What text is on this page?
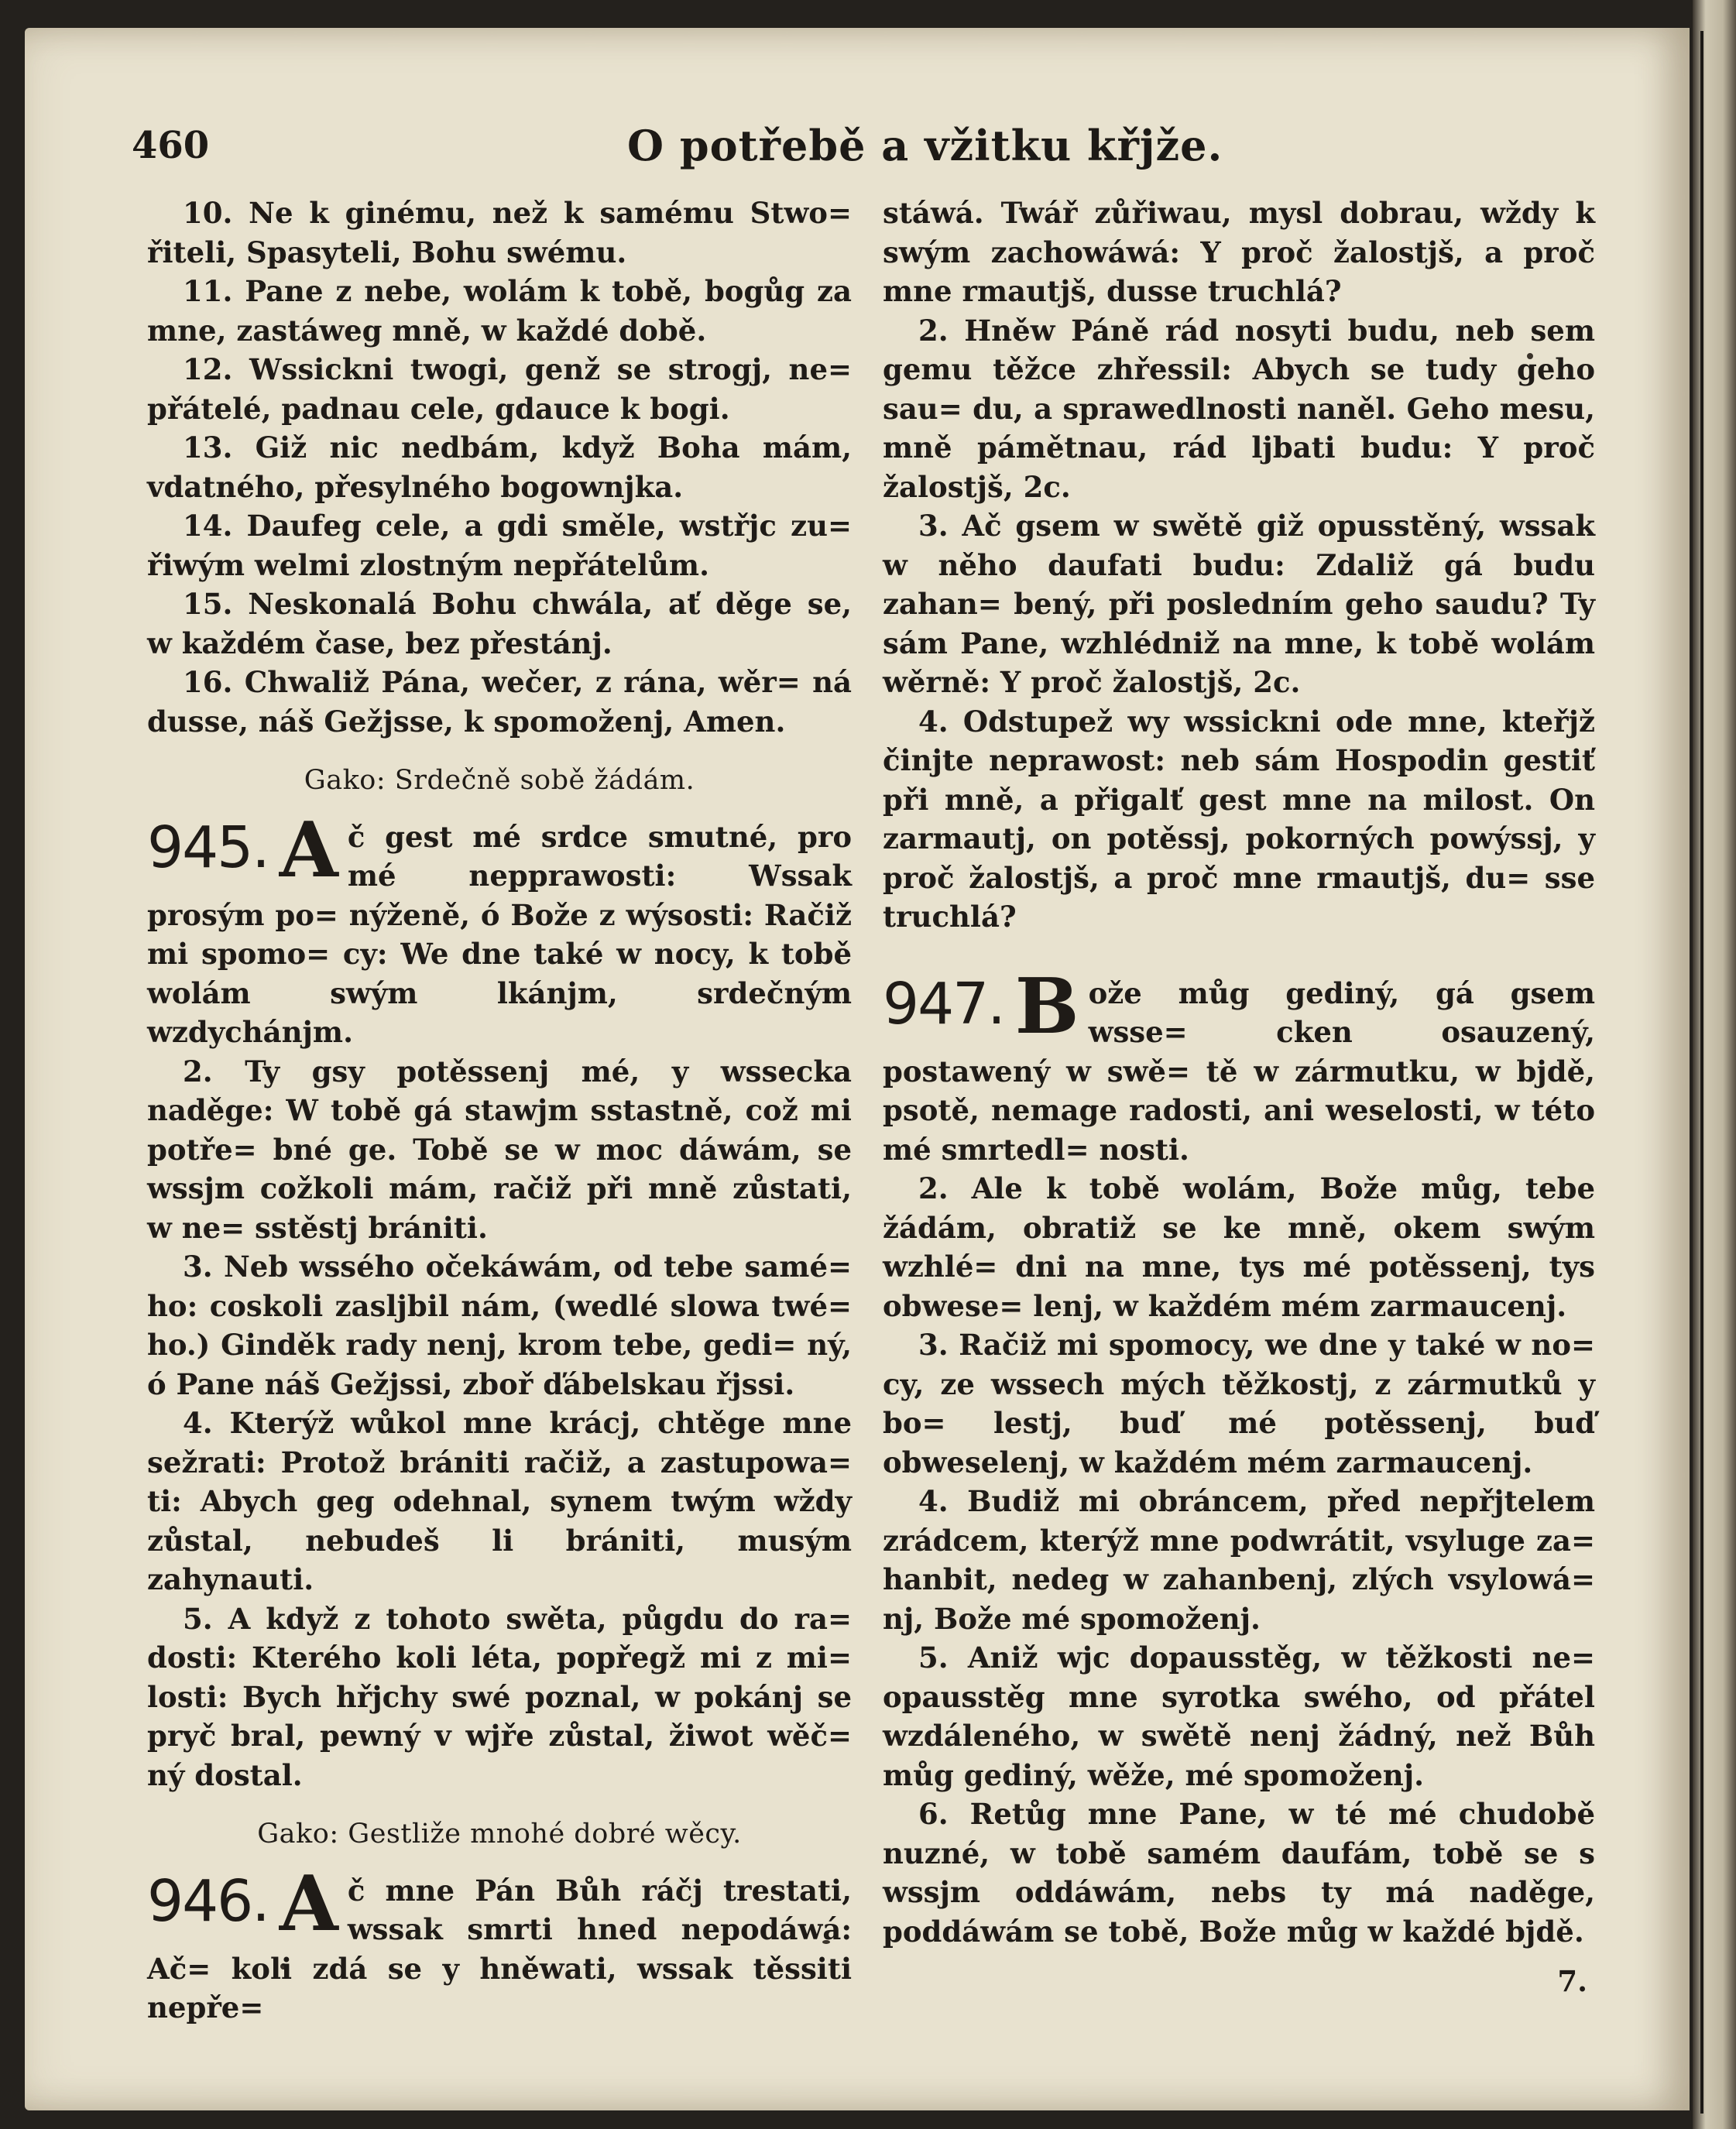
460	O potřebě a vžitku křjže.

10. Ne k ginému, než k samému Stwo= řiteli, Spasyteli, Bohu swému.

11. Pane z nebe, wolám k tobě, bogůg za mne, zastáweg mně, w každé době.

12. Wssickni twogi, genž se strogj, ne= přátelé, padnau cele, gdauce k bogi.

13. Giž nic nedbám, když Boha mám, vdatného, přesylného bogownjka.

14. Daufeg cele, a gdi směle, wstřjc zu= řiwým welmi zlostným nepřátelům.

15. Neskonalá Bohu chwála, ať děge se, w každém čase, bez přestánj.

16. Chwaliž Pána, wečer, z rána, wěr= ná dusse, náš Gežjsse, k spomoženj, Amen.

Gako: Srdečně sobě žádám.
945. A č gest mé srdce smutné, pro mé nepprawosti: Wssak prosým po= nýženě, ó Bože z wýsosti: Račiž mi spomo= cy: We dne také w nocy, k tobě wolám swým lkánjm, srdečným wzdychánjm.

2. Ty gsy potěssenj mé, y wssecka naděge: W tobě gá stawjm sstastně, což mi potře= bné ge. Tobě se w moc dáwám, se wssjm cožkoli mám, račiž při mně zůstati, w ne= sstěstj brániti.

3. Neb wssého očekáwám, od tebe samé= ho: coskoli zasljbil nám, (wedlé slowa twé= ho.) Ginděk rady nenj, krom tebe, gedi= ný, ó Pane náš Gežjssi, zboř ďábelskau řjssi.

4. Kterýž wůkol mne krácj, chtěge mne sežrati: Protož brániti račiž, a zastupowa= ti: Abych geg odehnal, synem twým wždy zůstal, nebudeš li brániti, musým zahynauti.

5. A když z tohoto swěta, půgdu do ra= dosti: Kterého koli léta, popřegž mi z mi= losti: Bych hřjchy swé poznal, w pokánj se pryč bral, pewný v wjře zůstal, žiwot wěč= ný dostal.

Gako: Gestliže mnohé dobré wěcy.
946. A č mne Pán Bůh ráčj trestati, wssak smrti hned nepodáwá: Ač= koli zdá se y hněwati, wssak těssiti nepře=

stáwá. Twář zůřiwau, mysl dobrau, wždy k swým zachowáwá: Y proč žalostjš, a proč mne rmautjš, dusse truchlá?

2. Hněw Páně rád nosyti budu, neb sem gemu těžce zhřessil: Abych se tudy geho sau= du, a sprawedlnosti naněl. Geho mesu, mně pámětnau, rád ljbati budu: Y proč žalostjš, 2c.

3. Ač gsem w swětě giž opusstěný, wssak w něho daufati budu: Zdaliž gá budu zahan= bený, při posledním geho saudu? Ty sám Pane, wzhlédniž na mne, k tobě wolám wěrně: Y proč žalostjš, 2c.

4. Odstupež wy wssickni ode mne, kteřjž činjte neprawost: neb sám Hospodin gestiť při mně, a přigalť gest mne na milost. On zarmautj, on potěssj, pokorných powýssj, y proč žalostjš, a proč mne rmautjš, du= sse truchlá?

947. B ože můg gediný, gá gsem wsse= cken osauzený, postawený w swě= tě w zármutku, w bjdě, psotě, nemage radosti, ani weselosti, w této mé smrtedl= nosti.

2. Ale k tobě wolám, Bože můg, tebe žádám, obratiž se ke mně, okem swým wzhlé= dni na mne, tys mé potěssenj, tys obwese= lenj, w každém mém zarmaucenj.

3. Račiž mi spomocy, we dne y také w no= cy, ze wssech mých těžkostj, z zármutků y bo= lestj, buď mé potěssenj, buď obweselenj, w každém mém zarmaucenj.

4. Budiž mi obráncem, před nepřjtelem zrádcem, kterýž mne podwrátit, vsyluge za= hanbit, nedeg w zahanbenj, zlých vsylowá= nj, Bože mé spomoženj.

5. Aniž wjc dopausstěg, w těžkosti ne= opausstěg mne syrotka swého, od přátel wzdáleného, w swětě nenj žádný, než Bůh můg gediný, wěže, mé spomoženj.

6. Retůg mne Pane, w té mé chudobě nuzné, w tobě samém daufám, tobě se s wssjm oddáwám, nebs ty má naděge, poddáwám se tobě, Bože můg w každé bjdě.

7.
